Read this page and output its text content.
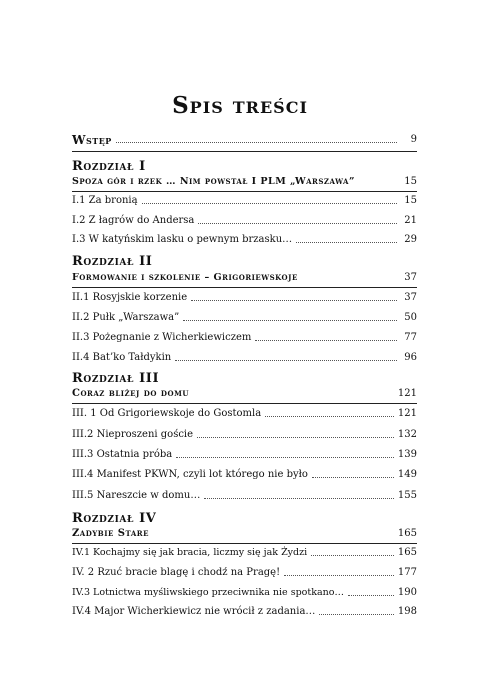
Spis treści
Wstęp	9
Rozdział I
Spoza gór i rzek … Nim powstał I PLM „Warszawa”	15
I.1 Za bronią	15
I.2 Z łagrów do Andersa	21
I.3 W katyńskim lasku o pewnym brzasku…	29
Rozdział II
Formowanie i szkolenie – Grigoriewskoje	37
II.1 Rosyjskie korzenie	37
II.2 Pułk „Warszawa”	50
II.3 Pożegnanie z Wicherkiewiczem	77
II.4 Bat’ko Tałdykin	96
Rozdział III
Coraz bliżej do domu	121
III. 1 Od Grigoriewskoje do Gostomla	121
III.2 Nieproszeni goście	132
III.3 Ostatnia próba	139
III.4 Manifest PKWN, czyli lot którego nie było	149
III.5 Nareszcie w domu…	155
Rozdział IV
Zadybie Stare	165
IV.1 Kochajmy się jak bracia, liczmy się jak Żydzi	165
IV. 2 Rzuć bracie blagę i chodź na Pragę!	177
IV.3 Lotnictwa myśliwskiego przeciwnika nie spotkano…	190
IV.4 Major Wicherkiewicz nie wrócił z zadania…	198
